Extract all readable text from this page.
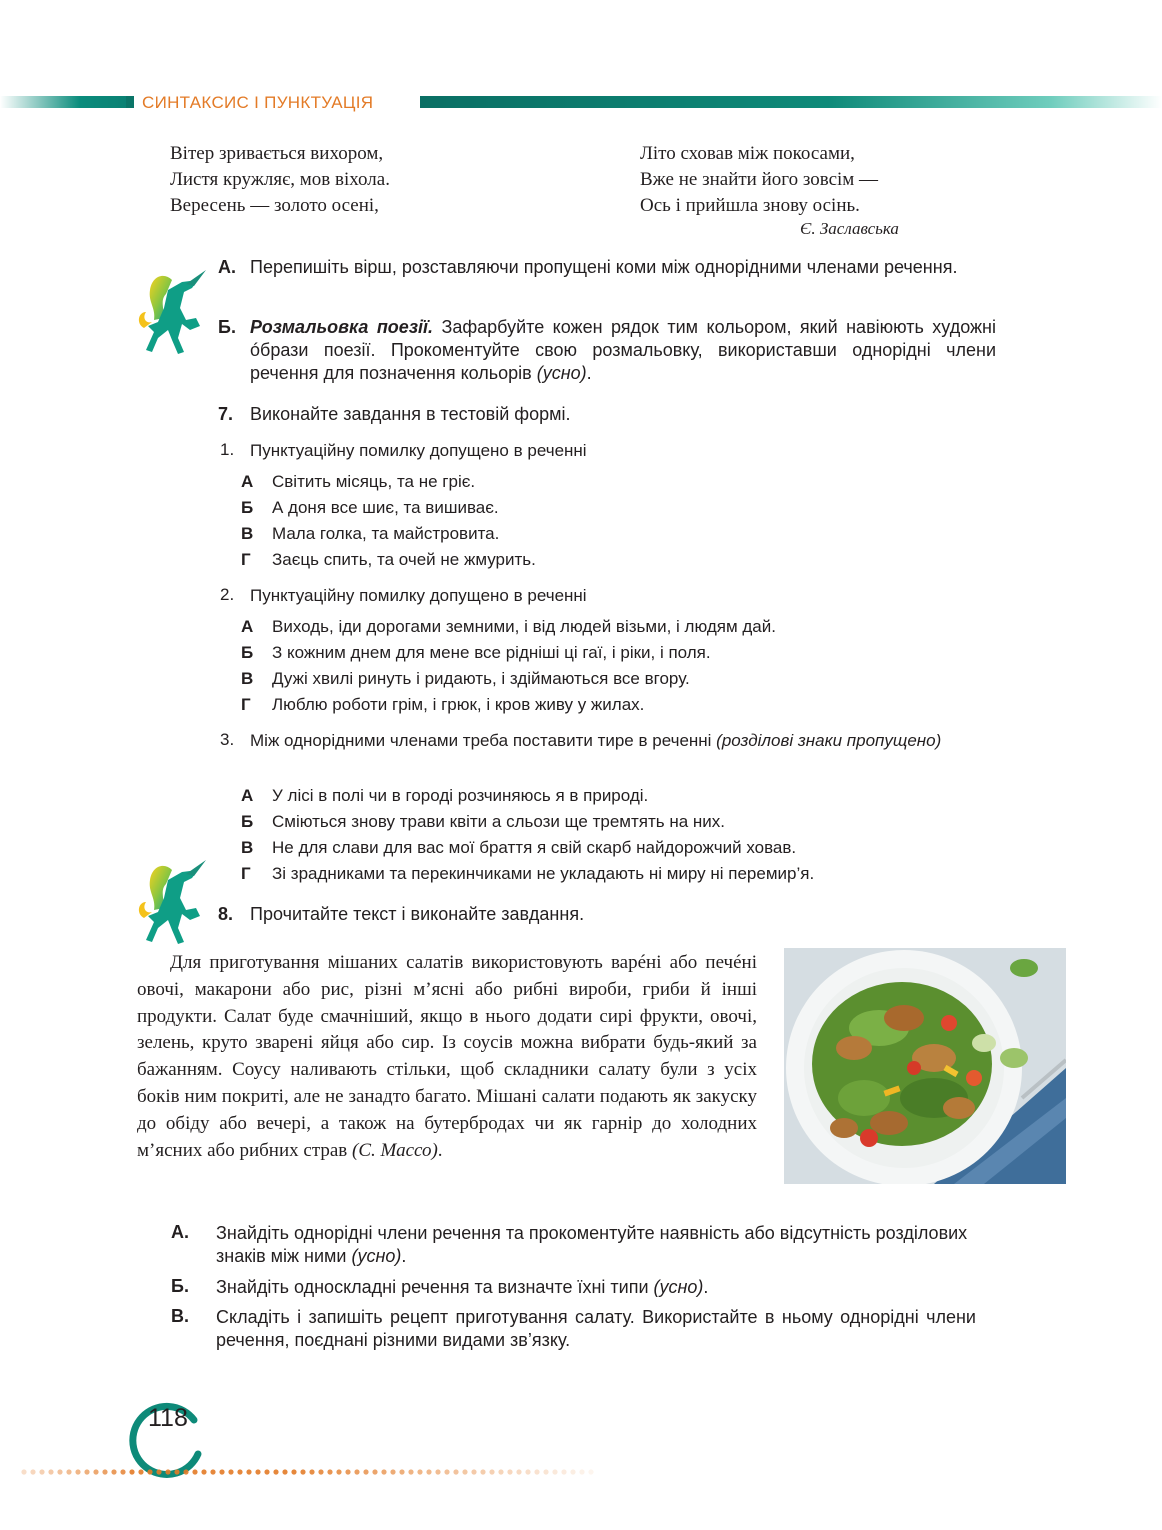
СИНТАКСИС І ПУНКТУАЦІЯ
Вітер зривається вихором,
Листя кружляє, мов віхола.
Вересень — золото осені,
Літо сховав між покосами,
Вже не знайти його зовсім —
Ось і прийшла знову осінь.
Є. Заславська
А. Перепишіть вірш, розставляючи пропущені коми між однорідними членами речення.
Б. Розмальовка поезії. Зафарбуйте кожен рядок тим кольором, який навіюють художні óбрази поезії. Прокоментуйте свою розмальовку, використавши однорідні члени речення для позначення кольорів (усно).
7. Виконайте завдання в тестовій формі.
1. Пунктуаційну помилку допущено в реченні
А Світить місяць, та не гріє.
Б А доня все шиє, та вишиває.
В Мала голка, та майстровита.
Г Заєць спить, та очей не жмурить.
2. Пунктуаційну помилку допущено в реченні
А Виходь, іди дорогами земними, і від людей візьми, і людям дай.
Б З кожним днем для мене все рідніші ці гаї, і ріки, і поля.
В Дужі хвилі ринуть і ридають, і здіймаються все вгору.
Г Люблю роботи грім, і грюк, і кров живу у жилах.
3. Між однорідними членами треба поставити тире в реченні (розділові знаки пропущено)
А У лісі в полі чи в городі розчиняюсь я в природі.
Б Сміються знову трави квіти а сльози ще тремтять на них.
В Не для слави для вас мої браття я свій скарб найдорожчий ховав.
Г Зі зрадниками та перекинчиками не укладають ні миру ні перемир’я.
8. Прочитайте текст і виконайте завдання.

Для приготування мішаних салатів використовують варéні або печéні овочі, макарони або рис, різні м’ясні або рибні вироби, гриби й інші продукти. Салат буде смачніший, якщо в нього додати сирі фрукти, овочі, зелень, круто зварені яйця або сир. Із соусів можна вибрати будь-який за бажанням. Соусу наливають стільки, щоб складники салату були з усіх боків ним покриті, але не занадто багато. Мішані салати подають як закуску до обіду або вечері, а також на бутербродах чи як гарнір до холодних м’ясних або рибних страв (С. Массо).

А. Знайдіть однорідні члени речення та прокоментуйте наявність або відсутність розділових знаків між ними (усно).
Б. Знайдіть односкладні речення та визначте їхні типи (усно).
В. Складіть і запишіть рецепт приготування салату. Використайте в ньому однорідні члени речення, поєднані різними видами зв’язку.
118
